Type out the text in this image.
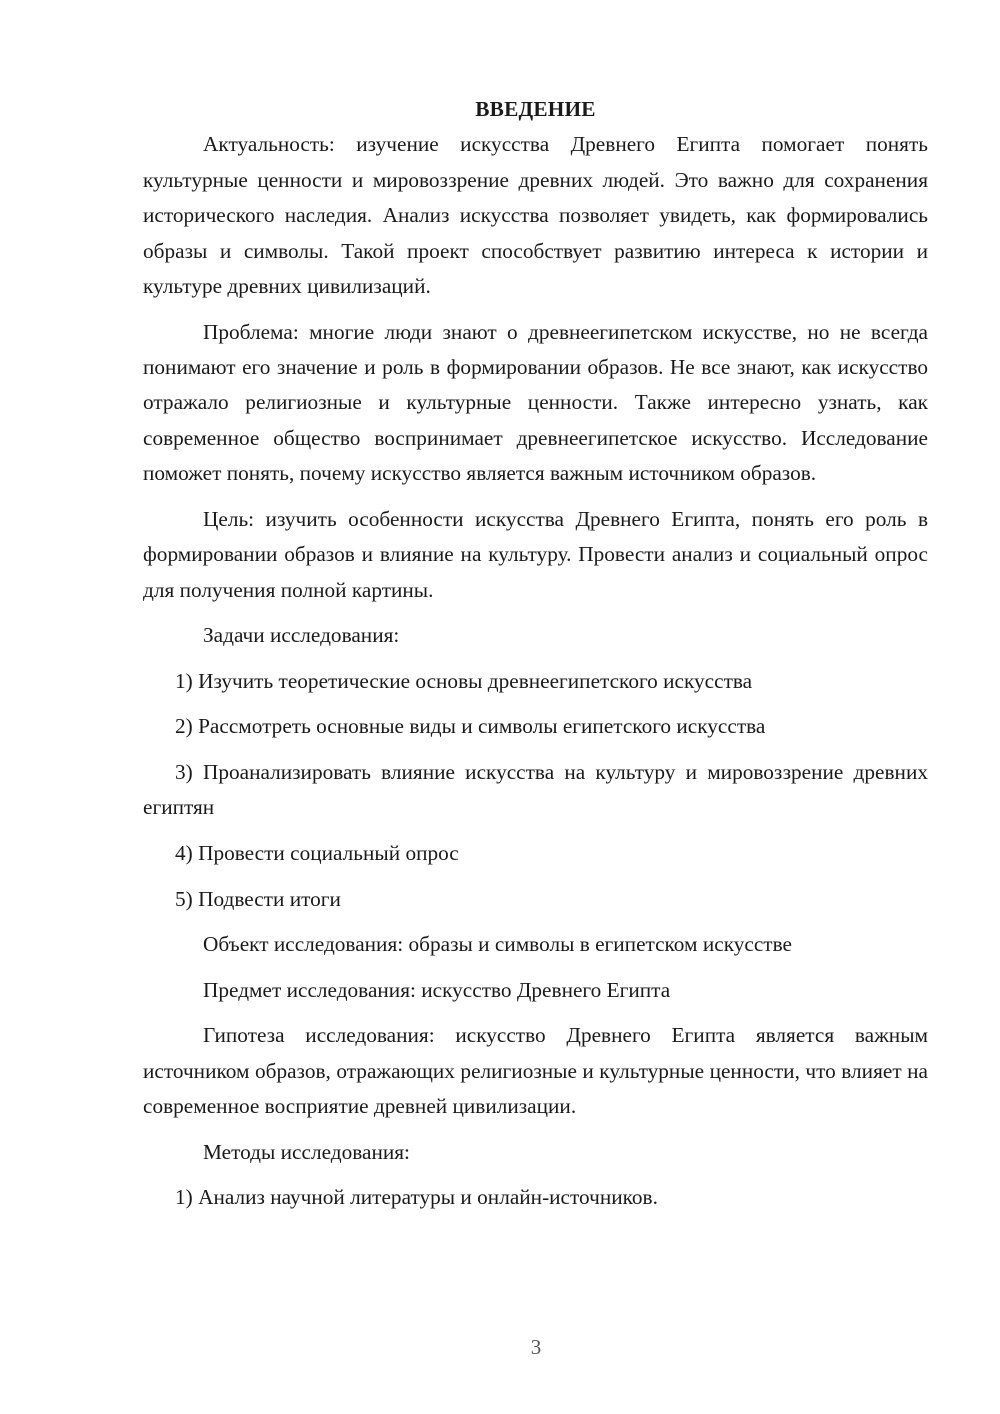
ВВЕДЕНИЕ

Актуальность: изучение искусства Древнего Египта помогает понять культурные ценности и мировоззрение древних людей. Это важно для сохранения исторического наследия. Анализ искусства позволяет увидеть, как формировались образы и символы. Такой проект способствует развитию интереса к истории и культуре древних цивилизаций.

Проблема: многие люди знают о древнеегипетском искусстве, но не всегда понимают его значение и роль в формировании образов. Не все знают, как искусство отражало религиозные и культурные ценности. Также интересно узнать, как современное общество воспринимает древнеегипетское искусство. Исследование поможет понять, почему искусство является важным источником образов.

Цель: изучить особенности искусства Древнего Египта, понять его роль в формировании образов и влияние на культуру. Провести анализ и социальный опрос для получения полной картины.

Задачи исследования:

1) Изучить теоретические основы древнеегипетского искусства

2) Рассмотреть основные виды и символы египетского искусства

3) Проанализировать влияние искусства на культуру и мировоззрение древних египтян

4) Провести социальный опрос

5) Подвести итоги

Объект исследования: образы и символы в египетском искусстве

Предмет исследования: искусство Древнего Египта

Гипотеза исследования: искусство Древнего Египта является важным источником образов, отражающих религиозные и культурные ценности, что влияет на современное восприятие древней цивилизации.

Методы исследования:

1) Анализ научной литературы и онлайн-источников.

3
